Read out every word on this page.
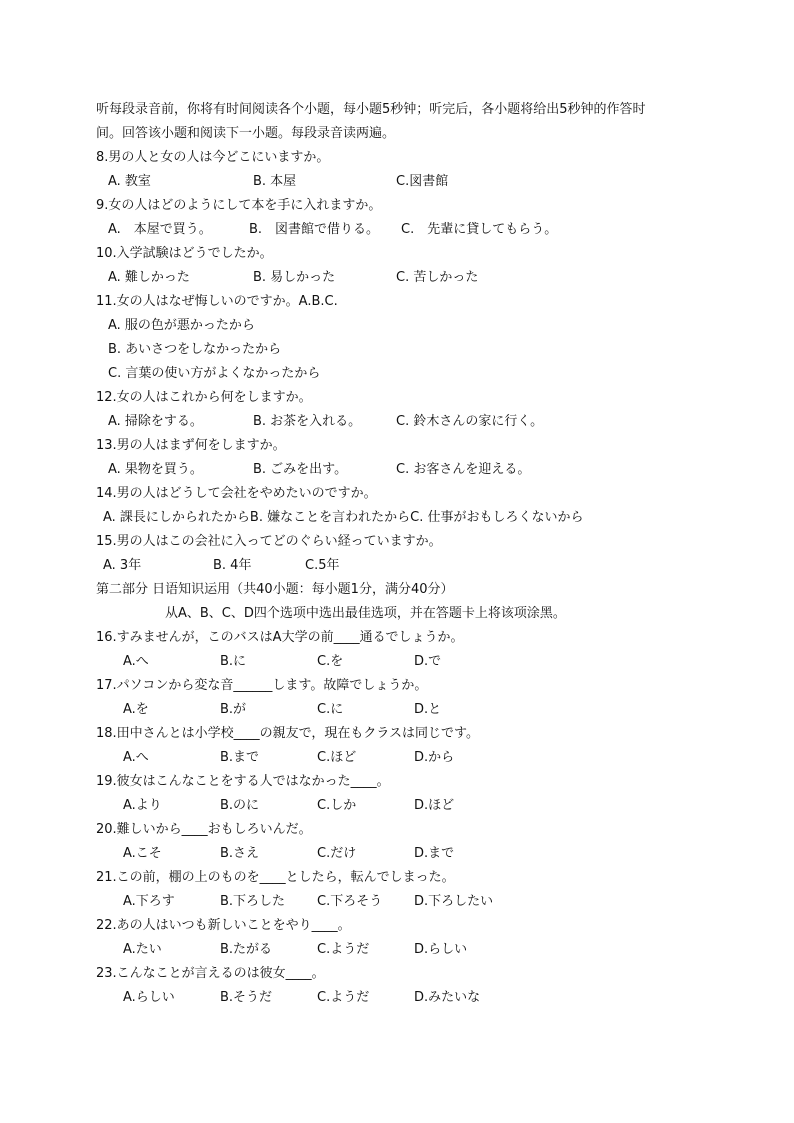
听每段录音前，你将有时间阅读各个小题，每小题5秒钟；听完后，各小题将给出5秒钟的作答时
间。回答该小题和阅读下一小题。每段录音读两遍。
8.男の人と女の人は今どこにいますか。
A. 教室	B. 本屋	C.図書館
9.女の人はどのようにして本を手に入れますか。
A.　本屋で買う。	B.　図書館で借りる。 C.　先輩に貸してもらう。
10.入学試験はどうでしたか。
A. 難しかった	B. 易しかった	C. 苦しかった
11.女の人はなぜ悔しいのですか。A.B.C.
A. 服の色が悪かったから
B. あいさつをしなかったから
C. 言葉の使い方がよくなかったから
12.女の人はこれから何をしますか。
A. 掃除をする。	B. お茶を入れる。	C. 鈴木さんの家に行く。
13.男の人はまず何をしますか。
A. 果物を買う。	B. ごみを出す。	C. お客さんを迎える。
14.男の人はどうして会社をやめたいのですか。
A. 課長にしかられたからB. 嫌なことを言われたからC. 仕事がおもしろくないから
15.男の人はこの会社に入ってどのぐらい経っていますか。
A. 3年	B. 4年	C.5年
第二部分 日语知识运用（共40小题：每小题1分，满分40分）
从A、B、C、D四个选项中选出最佳选项，并在答题卡上将该项涂黑。
16.すみませんが，このバスはA大学の前____通るでしょうか。
A.へ	B.に	C.を	D.で
17.パソコンから変な音______します。故障でしょうか。
A.を	B.が	C.に	D.と
18.田中さんとは小学校____の親友で，現在もクラスは同じです。
A.へ	B.まで	C.ほど	D.から
19.彼女はこんなことをする人ではなかった____。
A.より	B.のに	C.しか	D.ほど
20.難しいから____おもしろいんだ。
A.こそ	B.さえ	C.だけ	D.まで
21.この前，棚の上のものを____としたら，転んでしまった。
A.下ろす	B.下ろした C.下ろそう D.下ろしたい
22.あの人はいつも新しいことをやり____。
A.たい	B.たがる	C.ようだ	D.らしい
23.こんなことが言えるのは彼女____。
A.らしい	B.そうだ	C.ようだ	D.みたいな
